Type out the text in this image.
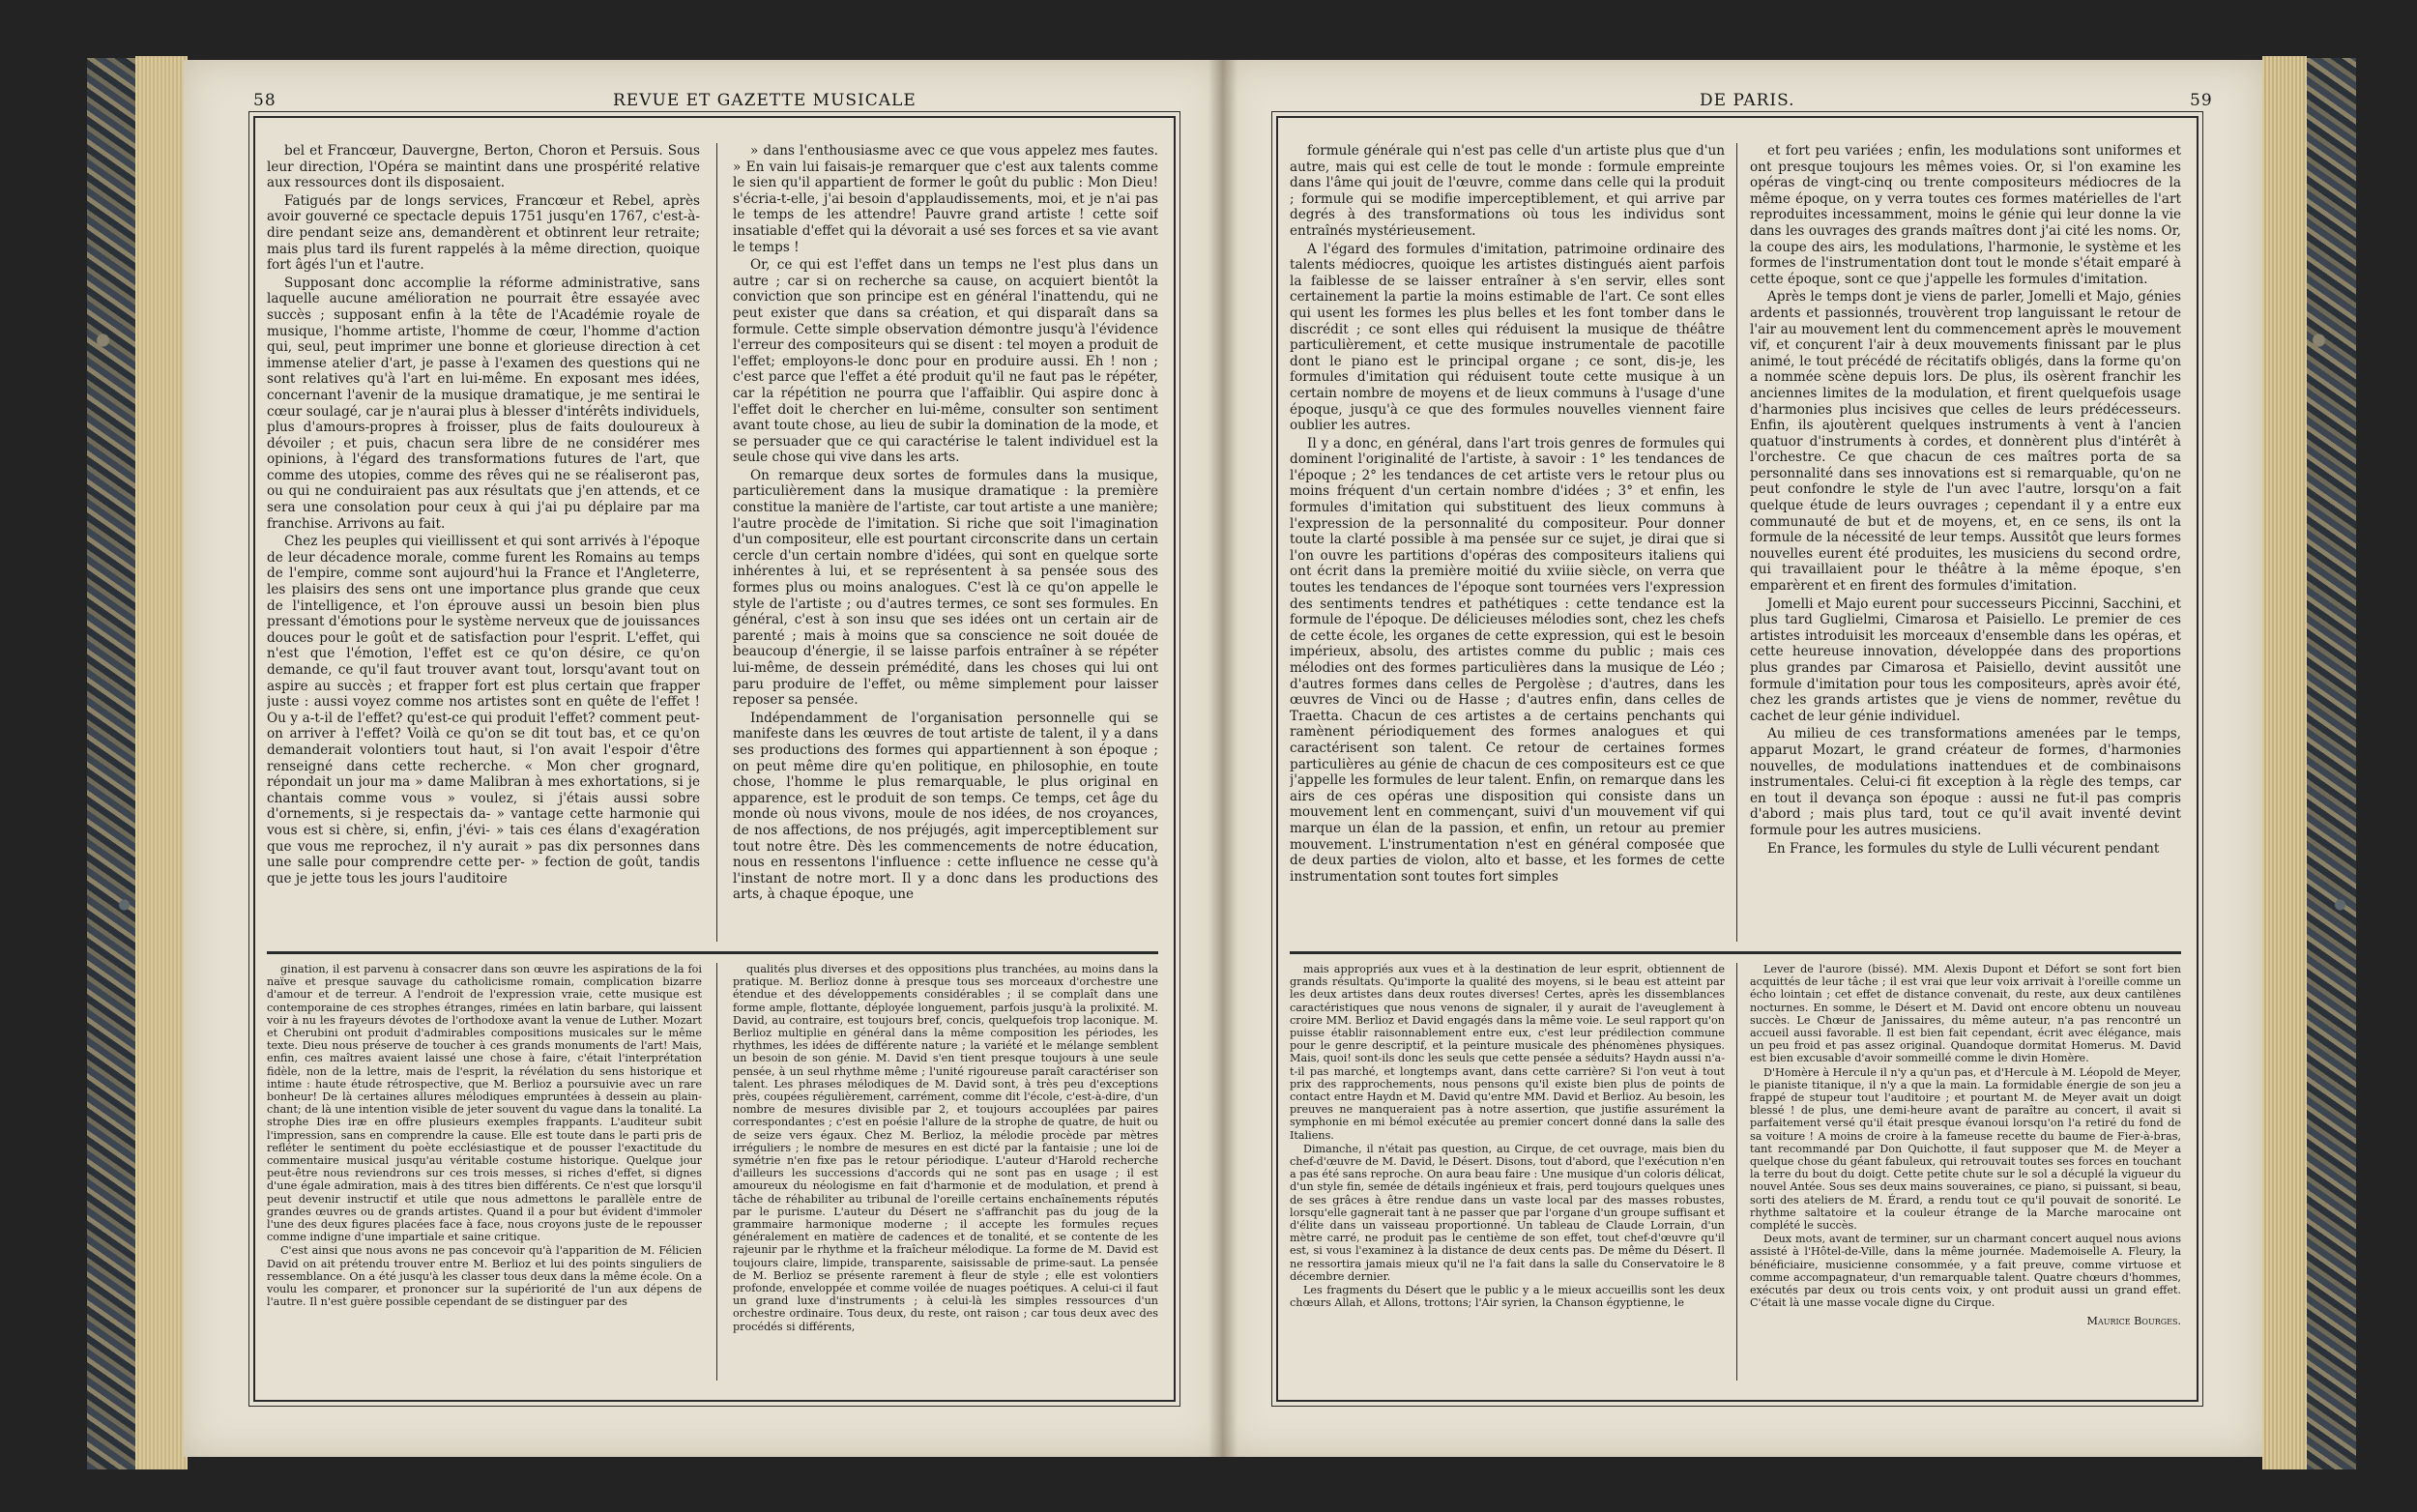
58	REVUE ET GAZETTE MUSICALE

bel et Francœur, Dauvergne, Berton, Choron et Persuis. Sous leur direction, l'Opéra se maintint dans une prospérité relative aux ressources dont ils disposaient.

Fatigués par de longs services, Francœur et Rebel, après avoir gouverné ce spectacle depuis 1751 jusqu'en 1767, c'est-à-dire pendant seize ans, demandèrent et obtinrent leur retraite; mais plus tard ils furent rappelés à la même direction, quoique fort âgés l'un et l'autre.

Supposant donc accomplie la réforme administrative, sans laquelle aucune amélioration ne pourrait être essayée avec succès ; supposant enfin à la tête de l'Académie royale de musique, l'homme artiste, l'homme de cœur, l'homme d'action qui, seul, peut imprimer une bonne et glorieuse direction à cet immense atelier d'art, je passe à l'examen des questions qui ne sont relatives qu'à l'art en lui-même. En exposant mes idées, concernant l'avenir de la musique dramatique, je me sentirai le cœur soulagé, car je n'aurai plus à blesser d'intérêts individuels, plus d'amours-propres à froisser, plus de faits douloureux à dévoiler ; et puis, chacun sera libre de ne considérer mes opinions, à l'égard des transformations futures de l'art, que comme des utopies, comme des rêves qui ne se réaliseront pas, ou qui ne conduiraient pas aux résultats que j'en attends, et ce sera une consolation pour ceux à qui j'ai pu déplaire par ma franchise. Arrivons au fait.

Chez les peuples qui vieillissent et qui sont arrivés à l'époque de leur décadence morale, comme furent les Romains au temps de l'empire, comme sont aujourd'hui la France et l'Angleterre, les plaisirs des sens ont une importance plus grande que ceux de l'intelligence, et l'on éprouve aussi un besoin bien plus pressant d'émotions pour le système nerveux que de jouissances douces pour le goût et de satisfaction pour l'esprit. L'effet, qui n'est que l'émotion, l'effet est ce qu'on désire, ce qu'on demande, ce qu'il faut trouver avant tout, lorsqu'avant tout on aspire au succès ; et frapper fort est plus certain que frapper juste : aussi voyez comme nos artistes sont en quête de l'effet ! Ou y a-t-il de l'effet? qu'est-ce qui produit l'effet? comment peut-on arriver à l'effet? Voilà ce qu'on se dit tout bas, et ce qu'on demanderait volontiers tout haut, si l'on avait l'espoir d'être renseigné dans cette recherche. « Mon cher grognard, répondait un jour ma » dame Malibran à mes exhortations, si je chantais comme vous » voulez, si j'étais aussi sobre d'ornements, si je respectais da- » vantage cette harmonie qui vous est si chère, si, enfin, j'évi- » tais ces élans d'exagération que vous me reprochez, il n'y aurait » pas dix personnes dans une salle pour comprendre cette per- » fection de goût, tandis que je jette tous les jours l'auditoire

» dans l'enthousiasme avec ce que vous appelez mes fautes. » En vain lui faisais-je remarquer que c'est aux talents comme le sien qu'il appartient de former le goût du public : Mon Dieu! s'écria-t-elle, j'ai besoin d'applaudissements, moi, et je n'ai pas le temps de les attendre! Pauvre grand artiste ! cette soif insatiable d'effet qui la dévorait a usé ses forces et sa vie avant le temps !

Or, ce qui est l'effet dans un temps ne l'est plus dans un autre ; car si on recherche sa cause, on acquiert bientôt la conviction que son principe est en général l'inattendu, qui ne peut exister que dans sa création, et qui disparaît dans sa formule. Cette simple observation démontre jusqu'à l'évidence l'erreur des compositeurs qui se disent : tel moyen a produit de l'effet; employons-le donc pour en produire aussi. Eh ! non ; c'est parce que l'effet a été produit qu'il ne faut pas le répéter, car la répétition ne pourra que l'affaiblir. Qui aspire donc à l'effet doit le chercher en lui-même, consulter son sentiment avant toute chose, au lieu de subir la domination de la mode, et se persuader que ce qui caractérise le talent individuel est la seule chose qui vive dans les arts.

On remarque deux sortes de formules dans la musique, particulièrement dans la musique dramatique : la première constitue la manière de l'artiste, car tout artiste a une manière; l'autre procède de l'imitation. Si riche que soit l'imagination d'un compositeur, elle est pourtant circonscrite dans un certain cercle d'un certain nombre d'idées, qui sont en quelque sorte inhérentes à lui, et se représentent à sa pensée sous des formes plus ou moins analogues. C'est là ce qu'on appelle le style de l'artiste ; ou d'autres termes, ce sont ses formules. En général, c'est à son insu que ses idées ont un certain air de parenté ; mais à moins que sa conscience ne soit douée de beaucoup d'énergie, il se laisse parfois entraîner à se répéter lui-même, de dessein prémédité, dans les choses qui lui ont paru produire de l'effet, ou même simplement pour laisser reposer sa pensée.

Indépendamment de l'organisation personnelle qui se manifeste dans les œuvres de tout artiste de talent, il y a dans ses productions des formes qui appartiennent à son époque ; on peut même dire qu'en politique, en philosophie, en toute chose, l'homme le plus remarquable, le plus original en apparence, est le produit de son temps. Ce temps, cet âge du monde où nous vivons, moule de nos idées, de nos croyances, de nos affections, de nos préjugés, agit imperceptiblement sur tout notre être. Dès les commencements de notre éducation, nous en ressentons l'influence : cette influence ne cesse qu'à l'instant de notre mort. Il y a donc dans les productions des arts, à chaque époque, une

gination, il est parvenu à consacrer dans son œuvre les aspirations de la foi naïve et presque sauvage du catholicisme romain, complication bizarre d'amour et de terreur. A l'endroit de l'expression vraie, cette musique est contemporaine de ces strophes étranges, rimées en latin barbare, qui laissent voir à nu les frayeurs dévotes de l'orthodoxe avant la venue de Luther. Mozart et Cherubini ont produit d'admirables compositions musicales sur le même texte. Dieu nous préserve de toucher à ces grands monuments de l'art! Mais, enfin, ces maîtres avaient laissé une chose à faire, c'était l'interprétation fidèle, non de la lettre, mais de l'esprit, la révélation du sens historique et intime : haute étude rétrospective, que M. Berlioz a poursuivie avec un rare bonheur! De là certaines allures mélodiques empruntées à dessein au plain-chant; de là une intention visible de jeter souvent du vague dans la tonalité. La strophe Dies iræ en offre plusieurs exemples frappants. L'auditeur subit l'impression, sans en comprendre la cause. Elle est toute dans le parti pris de refléter le sentiment du poète ecclésiastique et de pousser l'exactitude du commentaire musical jusqu'au véritable costume historique. Quelque jour peut-être nous reviendrons sur ces trois messes, si riches d'effet, si dignes d'une égale admiration, mais à des titres bien différents. Ce n'est que lorsqu'il peut devenir instructif et utile que nous admettons le parallèle entre de grandes œuvres ou de grands artistes. Quand il a pour but évident d'immoler l'une des deux figures placées face à face, nous croyons juste de le repousser comme indigne d'une impartiale et saine critique.

C'est ainsi que nous avons ne pas concevoir qu'à l'apparition de M. Félicien David on ait prétendu trouver entre M. Berlioz et lui des points singuliers de ressemblance. On a été jusqu'à les classer tous deux dans la même école. On a voulu les comparer, et prononcer sur la supériorité de l'un aux dépens de l'autre. Il n'est guère possible cependant de se distinguer par des

qualités plus diverses et des oppositions plus tranchées, au moins dans la pratique. M. Berlioz donne à presque tous ses morceaux d'orchestre une étendue et des développements considérables ; il se complaît dans une forme ample, flottante, déployée longuement, parfois jusqu'à la prolixité. M. David, au contraire, est toujours bref, concis, quelquefois trop laconique. M. Berlioz multiplie en général dans la même composition les périodes, les rhythmes, les idées de différente nature ; la variété et le mélange semblent un besoin de son génie. M. David s'en tient presque toujours à une seule pensée, à un seul rhythme même ; l'unité rigoureuse paraît caractériser son talent. Les phrases mélodiques de M. David sont, à très peu d'exceptions près, coupées régulièrement, carrément, comme dit l'école, c'est-à-dire, d'un nombre de mesures divisible par 2, et toujours accouplées par paires correspondantes ; c'est en poésie l'allure de la strophe de quatre, de huit ou de seize vers égaux. Chez M. Berlioz, la mélodie procède par mètres irréguliers ; le nombre de mesures en est dicté par la fantaisie ; une loi de symétrie n'en fixe pas le retour périodique. L'auteur d'Harold recherche d'ailleurs les successions d'accords qui ne sont pas en usage ; il est amoureux du néologisme en fait d'harmonie et de modulation, et prend à tâche de réhabiliter au tribunal de l'oreille certains enchaînements réputés par le purisme. L'auteur du Désert ne s'affranchit pas du joug de la grammaire harmonique moderne ; il accepte les formules reçues généralement en matière de cadences et de tonalité, et se contente de les rajeunir par le rhythme et la fraîcheur mélodique. La forme de M. David est toujours claire, limpide, transparente, saisissable de prime-saut. La pensée de M. Berlioz se présente rarement à fleur de style ; elle est volontiers profonde, enveloppée et comme voilée de nuages poétiques. A celui-ci il faut un grand luxe d'instruments ; à celui-là les simples ressources d'un orchestre ordinaire. Tous deux, du reste, ont raison ; car tous deux avec des procédés si différents,

DE PARIS.	59

formule générale qui n'est pas celle d'un artiste plus que d'un autre, mais qui est celle de tout le monde : formule empreinte dans l'âme qui jouit de l'œuvre, comme dans celle qui la produit ; formule qui se modifie imperceptiblement, et qui arrive par degrés à des transformations où tous les individus sont entraînés mystérieusement.

A l'égard des formules d'imitation, patrimoine ordinaire des talents médiocres, quoique les artistes distingués aient parfois la faiblesse de se laisser entraîner à s'en servir, elles sont certainement la partie la moins estimable de l'art. Ce sont elles qui usent les formes les plus belles et les font tomber dans le discrédit ; ce sont elles qui réduisent la musique de théâtre particulièrement, et cette musique instrumentale de pacotille dont le piano est le principal organe ; ce sont, dis-je, les formules d'imitation qui réduisent toute cette musique à un certain nombre de moyens et de lieux communs à l'usage d'une époque, jusqu'à ce que des formules nouvelles viennent faire oublier les autres.

Il y a donc, en général, dans l'art trois genres de formules qui dominent l'originalité de l'artiste, à savoir : 1° les tendances de l'époque ; 2° les tendances de cet artiste vers le retour plus ou moins fréquent d'un certain nombre d'idées ; 3° et enfin, les formules d'imitation qui substituent des lieux communs à l'expression de la personnalité du compositeur. Pour donner toute la clarté possible à ma pensée sur ce sujet, je dirai que si l'on ouvre les partitions d'opéras des compositeurs italiens qui ont écrit dans la première moitié du xviiie siècle, on verra que toutes les tendances de l'époque sont tournées vers l'expression des sentiments tendres et pathétiques : cette tendance est la formule de l'époque. De délicieuses mélodies sont, chez les chefs de cette école, les organes de cette expression, qui est le besoin impérieux, absolu, des artistes comme du public ; mais ces mélodies ont des formes particulières dans la musique de Léo ; d'autres formes dans celles de Pergolèse ; d'autres, dans les œuvres de Vinci ou de Hasse ; d'autres enfin, dans celles de Traetta. Chacun de ces artistes a de certains penchants qui ramènent périodiquement des formes analogues et qui caractérisent son talent. Ce retour de certaines formes particulières au génie de chacun de ces compositeurs est ce que j'appelle les formules de leur talent. Enfin, on remarque dans les airs de ces opéras une disposition qui consiste dans un mouvement lent en commençant, suivi d'un mouvement vif qui marque un élan de la passion, et enfin, un retour au premier mouvement. L'instrumentation n'est en général composée que de deux parties de violon, alto et basse, et les formes de cette instrumentation sont toutes fort simples

et fort peu variées ; enfin, les modulations sont uniformes et ont presque toujours les mêmes voies. Or, si l'on examine les opéras de vingt-cinq ou trente compositeurs médiocres de la même époque, on y verra toutes ces formes matérielles de l'art reproduites incessamment, moins le génie qui leur donne la vie dans les ouvrages des grands maîtres dont j'ai cité les noms. Or, la coupe des airs, les modulations, l'harmonie, le système et les formes de l'instrumentation dont tout le monde s'était emparé à cette époque, sont ce que j'appelle les formules d'imitation.

Après le temps dont je viens de parler, Jomelli et Majo, génies ardents et passionnés, trouvèrent trop languissant le retour de l'air au mouvement lent du commencement après le mouvement vif, et conçurent l'air à deux mouvements finissant par le plus animé, le tout précédé de récitatifs obligés, dans la forme qu'on a nommée scène depuis lors. De plus, ils osèrent franchir les anciennes limites de la modulation, et firent quelquefois usage d'harmonies plus incisives que celles de leurs prédécesseurs. Enfin, ils ajoutèrent quelques instruments à vent à l'ancien quatuor d'instruments à cordes, et donnèrent plus d'intérêt à l'orchestre. Ce que chacun de ces maîtres porta de sa personnalité dans ses innovations est si remarquable, qu'on ne peut confondre le style de l'un avec l'autre, lorsqu'on a fait quelque étude de leurs ouvrages ; cependant il y a entre eux communauté de but et de moyens, et, en ce sens, ils ont la formule de la nécessité de leur temps. Aussitôt que leurs formes nouvelles eurent été produites, les musiciens du second ordre, qui travaillaient pour le théâtre à la même époque, s'en emparèrent et en firent des formules d'imitation.

Jomelli et Majo eurent pour successeurs Piccinni, Sacchini, et plus tard Guglielmi, Cimarosa et Paisiello. Le premier de ces artistes introduisit les morceaux d'ensemble dans les opéras, et cette heureuse innovation, développée dans des proportions plus grandes par Cimarosa et Paisiello, devint aussitôt une formule d'imitation pour tous les compositeurs, après avoir été, chez les grands artistes que je viens de nommer, revêtue du cachet de leur génie individuel.

Au milieu de ces transformations amenées par le temps, apparut Mozart, le grand créateur de formes, d'harmonies nouvelles, de modulations inattendues et de combinaisons instrumentales. Celui-ci fit exception à la règle des temps, car en tout il devança son époque : aussi ne fut-il pas compris d'abord ; mais plus tard, tout ce qu'il avait inventé devint formule pour les autres musiciens.

En France, les formules du style de Lulli vécurent pendant

mais appropriés aux vues et à la destination de leur esprit, obtiennent de grands résultats. Qu'importe la qualité des moyens, si le beau est atteint par les deux artistes dans deux routes diverses! Certes, après les dissemblances caractéristiques que nous venons de signaler, il y aurait de l'aveuglement à croire MM. Berlioz et David engagés dans la même voie. Le seul rapport qu'on puisse établir raisonnablement entre eux, c'est leur prédilection commune pour le genre descriptif, et la peinture musicale des phénomènes physiques. Mais, quoi! sont-ils donc les seuls que cette pensée a séduits? Haydn aussi n'a-t-il pas marché, et longtemps avant, dans cette carrière? Si l'on veut à tout prix des rapprochements, nous pensons qu'il existe bien plus de points de contact entre Haydn et M. David qu'entre MM. David et Berlioz. Au besoin, les preuves ne manqueraient pas à notre assertion, que justifie assurément la symphonie en mi bémol exécutée au premier concert donné dans la salle des Italiens.

Dimanche, il n'était pas question, au Cirque, de cet ouvrage, mais bien du chef-d'œuvre de M. David, le Désert. Disons, tout d'abord, que l'exécution n'en a pas été sans reproche. On aura beau faire : Une musique d'un coloris délicat, d'un style fin, semée de détails ingénieux et frais, perd toujours quelques unes de ses grâces à être rendue dans un vaste local par des masses robustes, lorsqu'elle gagnerait tant à ne passer que par l'organe d'un groupe suffisant et d'élite dans un vaisseau proportionné. Un tableau de Claude Lorrain, d'un mètre carré, ne produit pas le centième de son effet, tout chef-d'œuvre qu'il est, si vous l'examinez à la distance de deux cents pas. De même du Désert. Il ne ressortira jamais mieux qu'il ne l'a fait dans la salle du Conservatoire le 8 décembre dernier.

Les fragments du Désert que le public y a le mieux accueillis sont les deux chœurs Allah, et Allons, trottons; l'Air syrien, la Chanson égyptienne, le

Lever de l'aurore (bissé). MM. Alexis Dupont et Défort se sont fort bien acquittés de leur tâche ; il est vrai que leur voix arrivait à l'oreille comme un écho lointain ; cet effet de distance convenait, du reste, aux deux cantilènes nocturnes. En somme, le Désert et M. David ont encore obtenu un nouveau succès. Le Chœur de Janissaires, du même auteur, n'a pas rencontré un accueil aussi favorable. Il est bien fait cependant, écrit avec élégance, mais un peu froid et pas assez original. Quandoque dormitat Homerus. M. David est bien excusable d'avoir sommeillé comme le divin Homère.

D'Homère à Hercule il n'y a qu'un pas, et d'Hercule à M. Léopold de Meyer, le pianiste titanique, il n'y a que la main. La formidable énergie de son jeu a frappé de stupeur tout l'auditoire ; et pourtant M. de Meyer avait un doigt blessé ! de plus, une demi-heure avant de paraître au concert, il avait si parfaitement versé qu'il était presque évanoui lorsqu'on l'a retiré du fond de sa voiture ! A moins de croire à la fameuse recette du baume de Fier-à-bras, tant recommandé par Don Quichotte, il faut supposer que M. de Meyer a quelque chose du géant fabuleux, qui retrouvait toutes ses forces en touchant la terre du bout du doigt. Cette petite chute sur le sol a décuplé la vigueur du nouvel Antée. Sous ses deux mains souveraines, ce piano, si puissant, si beau, sorti des ateliers de M. Érard, a rendu tout ce qu'il pouvait de sonorité. Le rhythme saltatoire et la couleur étrange de la Marche marocaine ont complété le succès.

Deux mots, avant de terminer, sur un charmant concert auquel nous avions assisté à l'Hôtel-de-Ville, dans la même journée. Mademoiselle A. Fleury, la bénéficiaire, musicienne consommée, y a fait preuve, comme virtuose et comme accompagnateur, d'un remarquable talent. Quatre chœurs d'hommes, exécutés par deux ou trois cents voix, y ont produit aussi un grand effet. C'était là une masse vocale digne du Cirque.

Maurice Bourges.
